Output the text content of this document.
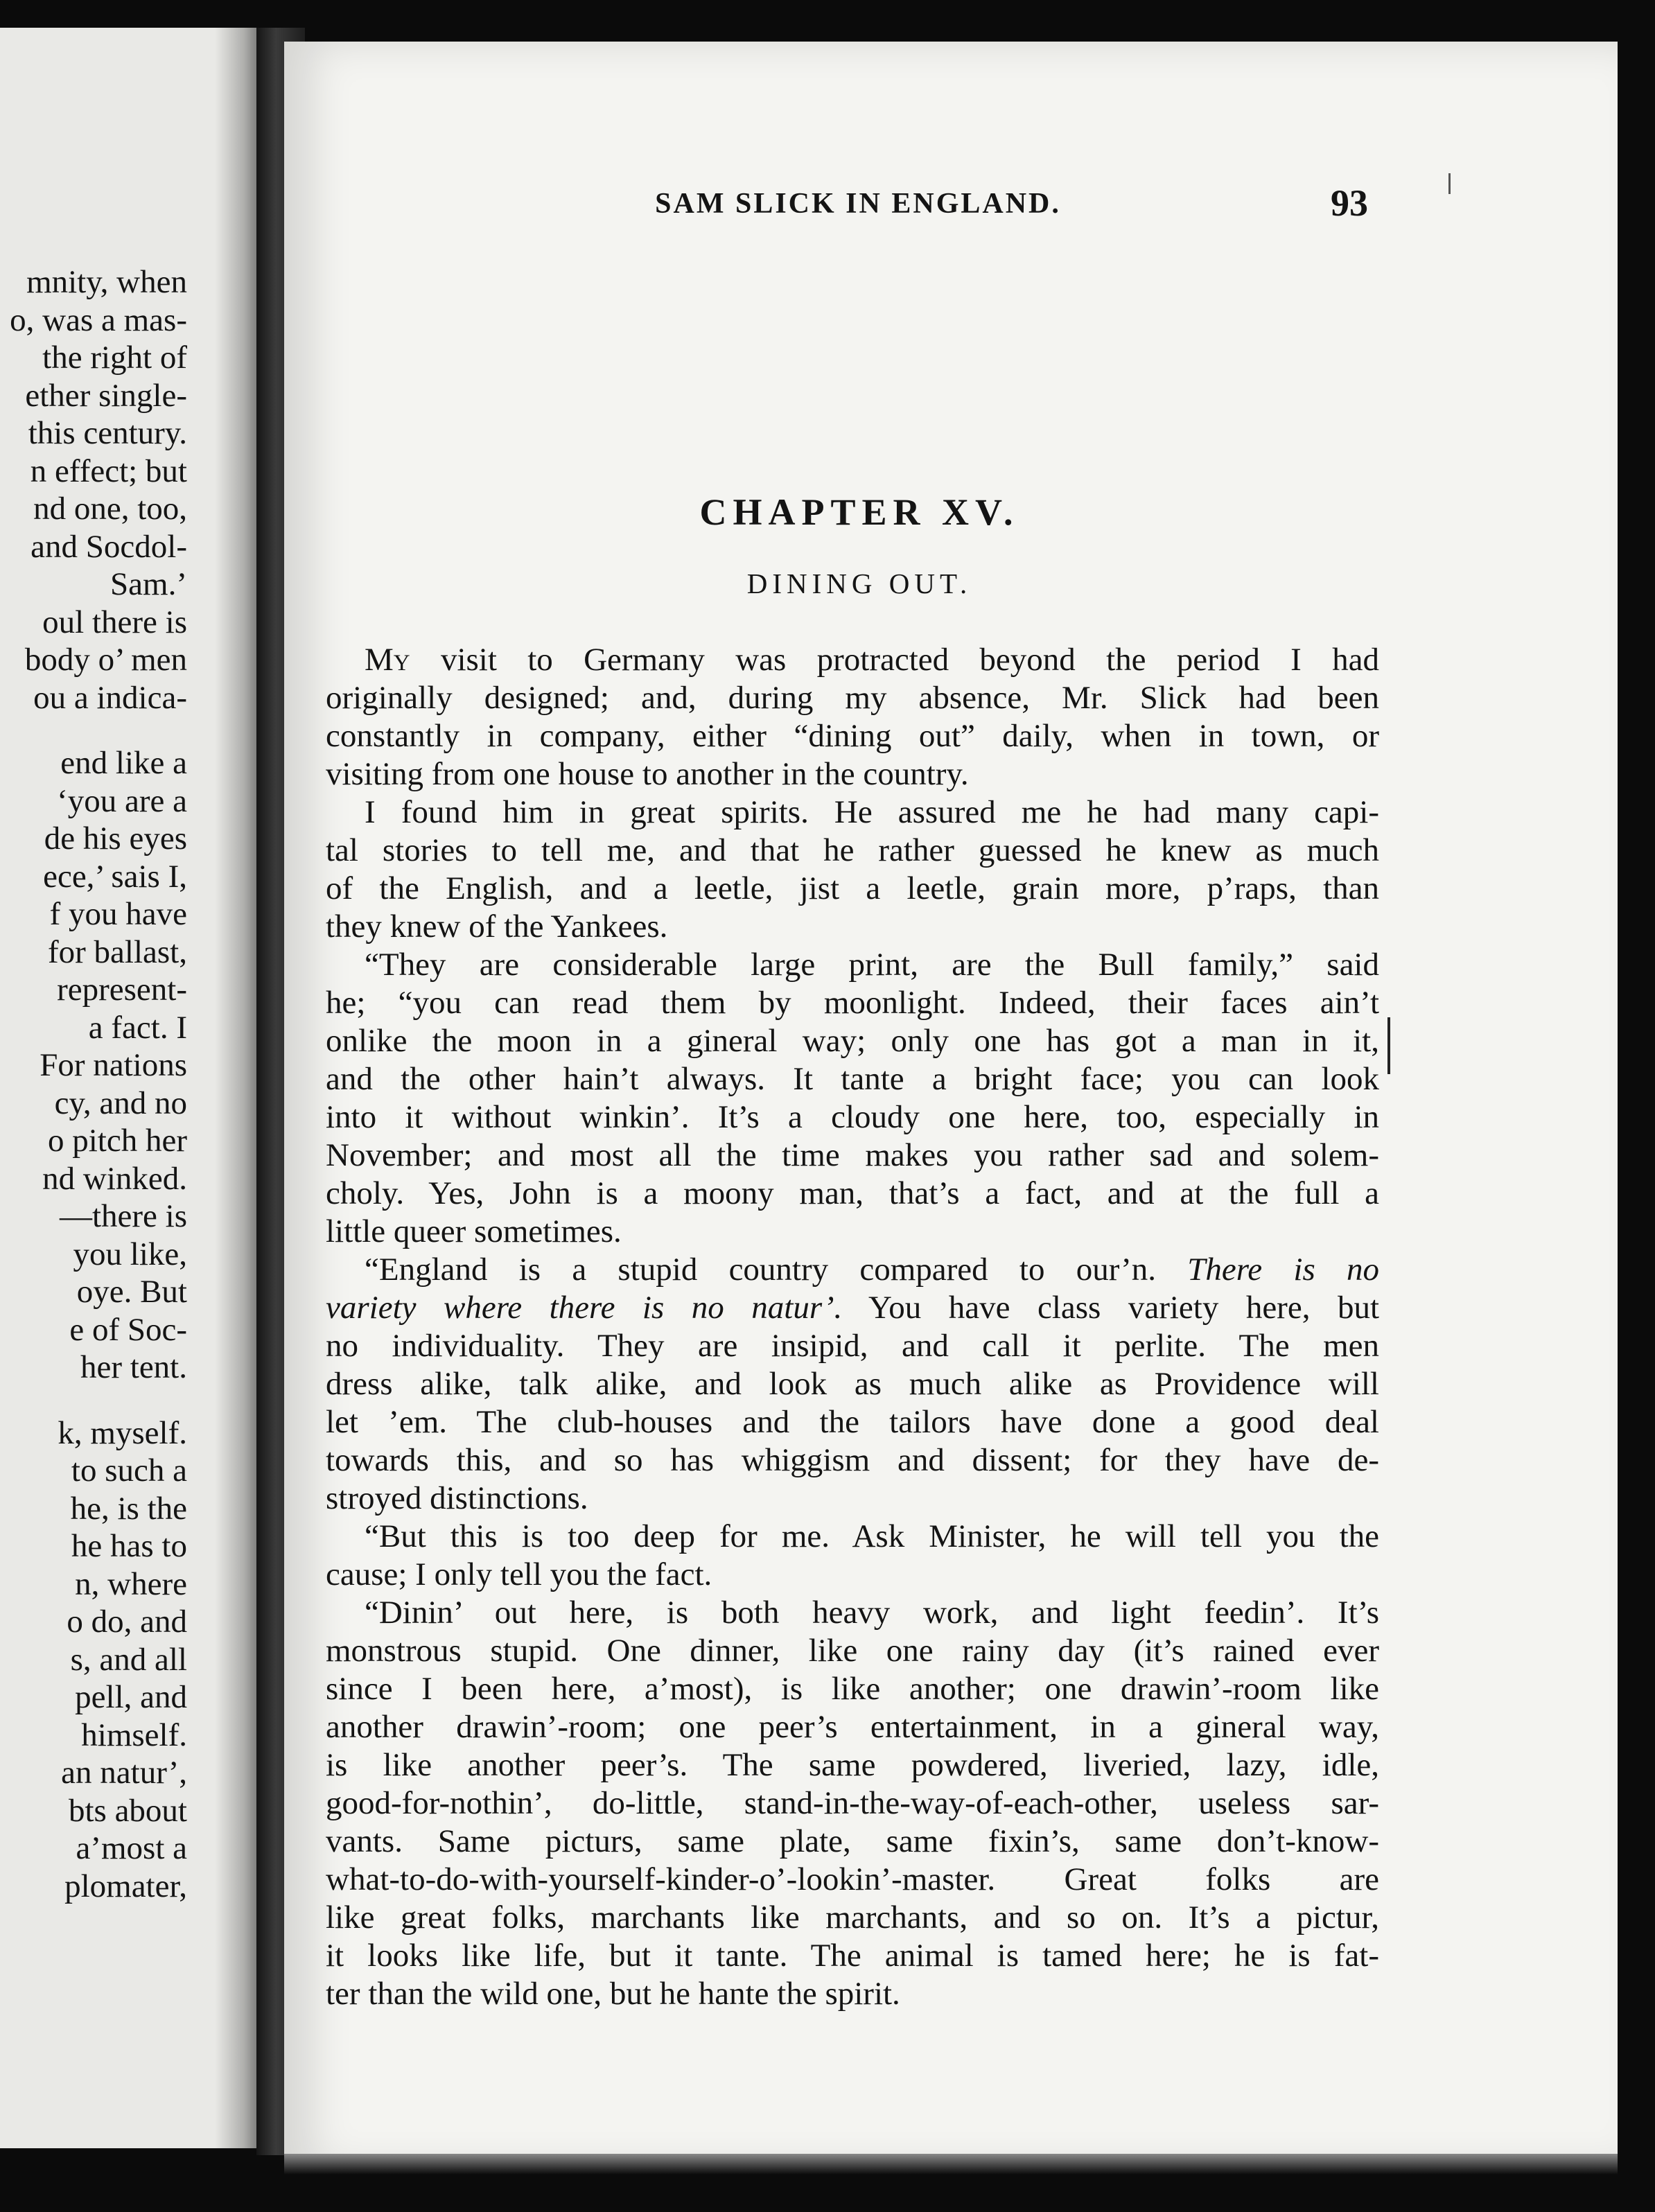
mnity, when
o, was a mas-
the right of
ether single-
this century.
n effect; but
nd one, too,
and Socdol-
Sam.’
oul there is
body o’ men
ou a indica-
end like a
‘you are a
de his eyes
ece,’ sais I,
f you have
for ballast,
represent-
a fact. I
For nations
cy, and no
o pitch her
nd winked.
—there is
you like,
oye. But
e of Soc-
her tent.
k, myself.
to such a
he, is the
he has to
n, where
o do, and
s, and all
pell, and
himself.
an natur’,
bts about
a’most a
plomater,
SAM SLICK IN ENGLAND.	93
CHAPTER XV.
DINING OUT.
My visit to Germany was protracted beyond the period I had
originally designed; and, during my absence, Mr. Slick had been
constantly in company, either “dining out” daily, when in town, or
visiting from one house to another in the country.
I found him in great spirits. He assured me he had many capi-
tal stories to tell me, and that he rather guessed he knew as much
of the English, and a leetle, jist a leetle, grain more, p’raps, than
they knew of the Yankees.
“They are considerable large print, are the Bull family,” said
he; “you can read them by moonlight. Indeed, their faces ain’t
onlike the moon in a gineral way; only one has got a man in it,
and the other hain’t always. It tante a bright face; you can look
into it without winkin’. It’s a cloudy one here, too, especially in
November; and most all the time makes you rather sad and solem-
choly. Yes, John is a moony man, that’s a fact, and at the full a
little queer sometimes.
“England is a stupid country compared to our’n. There is no
variety where there is no natur’. You have class variety here, but
no individuality. They are insipid, and call it perlite. The men
dress alike, talk alike, and look as much alike as Providence will
let ’em. The club-houses and the tailors have done a good deal
towards this, and so has whiggism and dissent; for they have de-
stroyed distinctions.
“But this is too deep for me. Ask Minister, he will tell you the
cause; I only tell you the fact.
“Dinin’ out here, is both heavy work, and light feedin’. It’s
monstrous stupid. One dinner, like one rainy day (it’s rained ever
since I been here, a’most), is like another; one drawin’-room like
another drawin’-room; one peer’s entertainment, in a gineral way,
is like another peer’s. The same powdered, liveried, lazy, idle,
good-for-nothin’, do-little, stand-in-the-way-of-each-other, useless sar-
vants. Same picturs, same plate, same fixin’s, same don’t-know-
what-to-do-with-yourself-kinder-o’-lookin’-master. Great folks are
like great folks, marchants like marchants, and so on. It’s a pictur,
it looks like life, but it tante. The animal is tamed here; he is fat-
ter than the wild one, but he hante the spirit.
